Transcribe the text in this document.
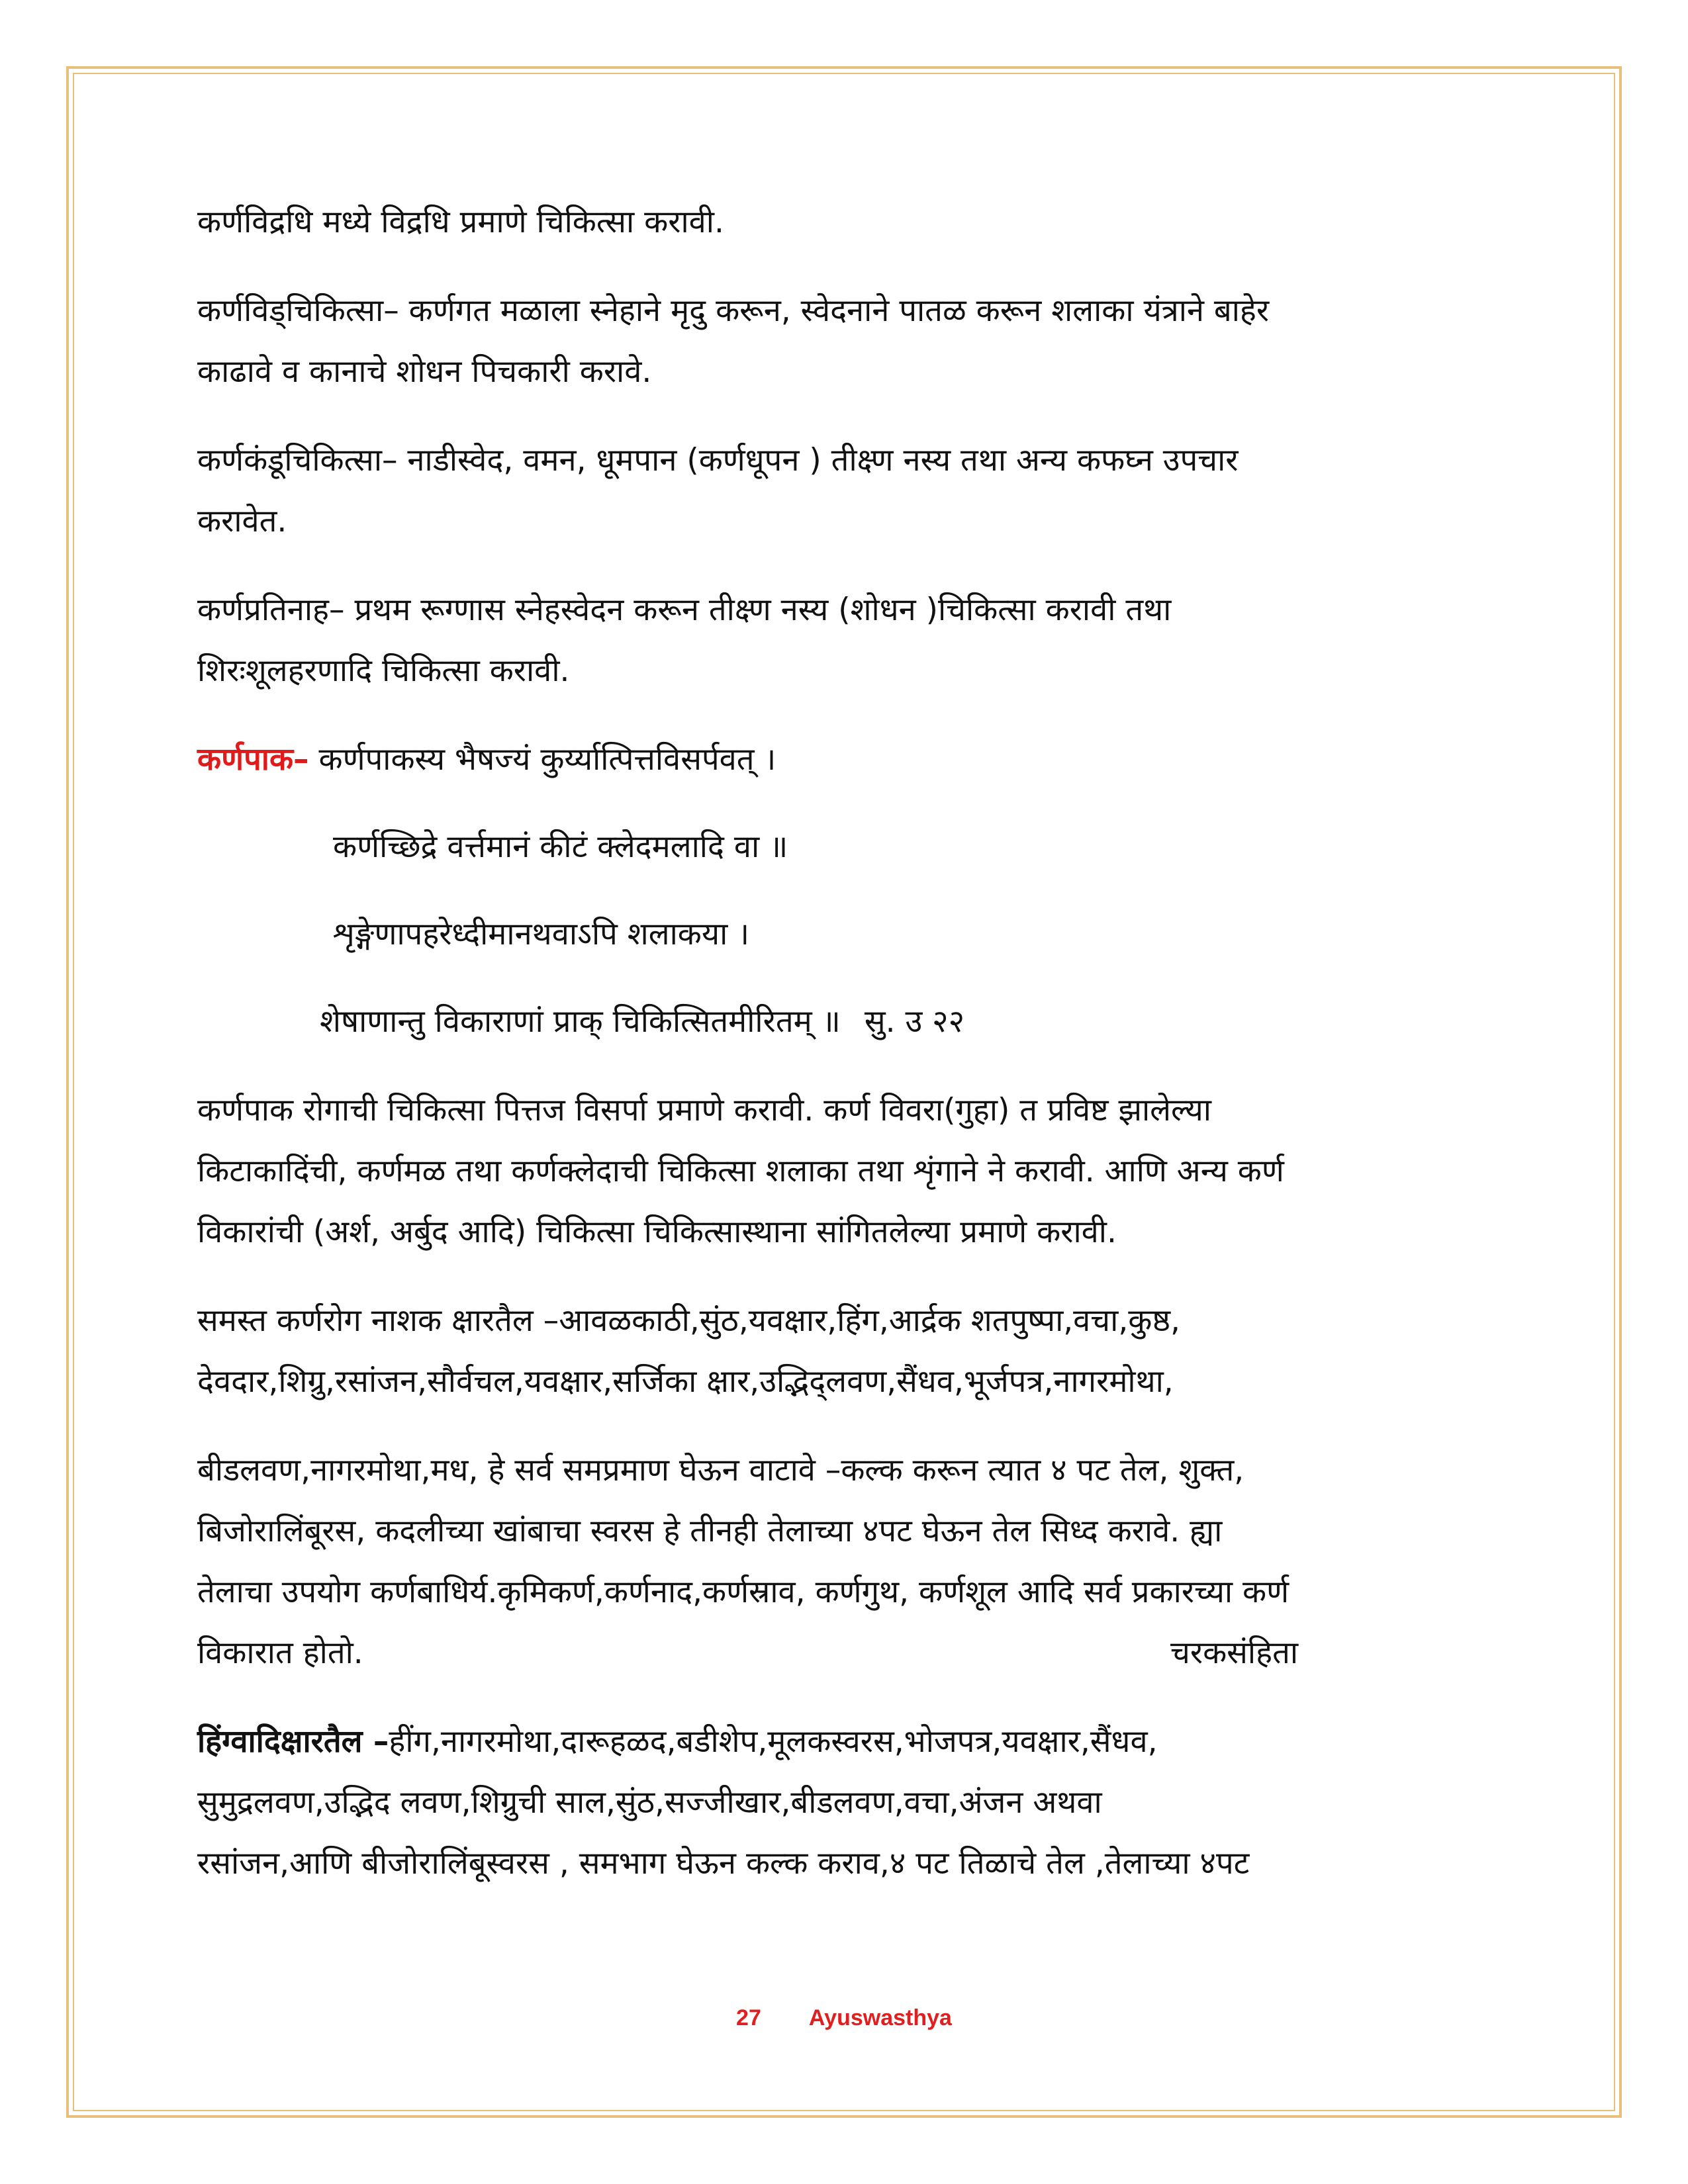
कर्णविद्रधि मध्ये विद्रधि प्रमाणे चिकित्सा करावी.

कर्णविड्चिकित्सा– कर्णगत मळाला स्नेहाने मृदु करून, स्वेदनाने पातळ करून शलाका यंत्राने बाहेर
काढावे व कानाचे शोधन पिचकारी करावे.

कर्णकंडूचिकित्सा– नाडीस्वेद, वमन, धूमपान (कर्णधूपन ) तीक्ष्ण नस्य तथा अन्य कफघ्न उपचार
करावेत.

कर्णप्रतिनाह– प्रथम रूग्णास स्नेहस्वेदन करून तीक्ष्ण नस्य (शोधन )चिकित्सा करावी तथा
शिरःशूलहरणादि चिकित्सा करावी.

कर्णपाक– कर्णपाकस्य भैषज्यं कुर्य्यात्पित्तविसर्पवत् ।
कर्णच्छिद्रे वर्त्तमानं कीटं क्लेदमलादि वा ॥
शृङ्गेणापहरेध्दीमानथवाऽपि शलाकया ।
शेषाणान्तु विकाराणां प्राक् चिकित्सितमीरितम् ॥ सु. उ २२

कर्णपाक रोगाची चिकित्सा पित्तज विसर्पा प्रमाणे करावी. कर्ण विवरा(गुहा) त प्रविष्ट झालेल्या
किटाकादिंची, कर्णमळ तथा कर्णक्लेदाची चिकित्सा शलाका तथा शृंगाने ने करावी. आणि अन्य कर्ण
विकारांची (अर्श, अर्बुद आदि) चिकित्सा चिकित्सास्थाना सांगितलेल्या प्रमाणे करावी.

समस्त कर्णरोग नाशक क्षारतैल –आवळकाठी,सुंठ,यवक्षार,हिंग,आर्द्रक शतपुष्पा,वचा,कुष्ठ,
देवदार,शिग्रु,रसांजन,सौर्वचल,यवक्षार,सर्जिका क्षार,उद्भिद्लवण,सैंधव,भूर्जपत्र,नागरमोथा,

बीडलवण,नागरमोथा,मध, हे सर्व समप्रमाण घेऊन वाटावे –कल्क करून त्यात ४ पट तेल, शुक्त,
बिजोरालिंबूरस, कदलीच्या खांबाचा स्वरस हे तीनही तेलाच्या ४पट घेऊन तेल सिध्द करावे. ह्या
तेलाचा उपयोग कर्णबाधिर्य.कृमिकर्ण,कर्णनाद,कर्णस्राव, कर्णगुथ, कर्णशूल आदि सर्व प्रकारच्या कर्ण
विकारात होतो.	चरकसंहिता

हिंग्वादिक्षारतैल –हींग,नागरमोथा,दारूहळद,बडीशेप,मूलकस्वरस,भोजपत्र,यवक्षार,सैंधव,
सुमुद्रलवण,उद्भिद लवण,शिग्रुची साल,सुंठ,सज्जीखार,बीडलवण,वचा,अंजन अथवा
रसांजन,आणि बीजोरालिंबूस्वरस , समभाग घेऊन कल्क कराव,४ पट तिळाचे तेल ,तेलाच्या ४पट

27 Ayuswasthya
